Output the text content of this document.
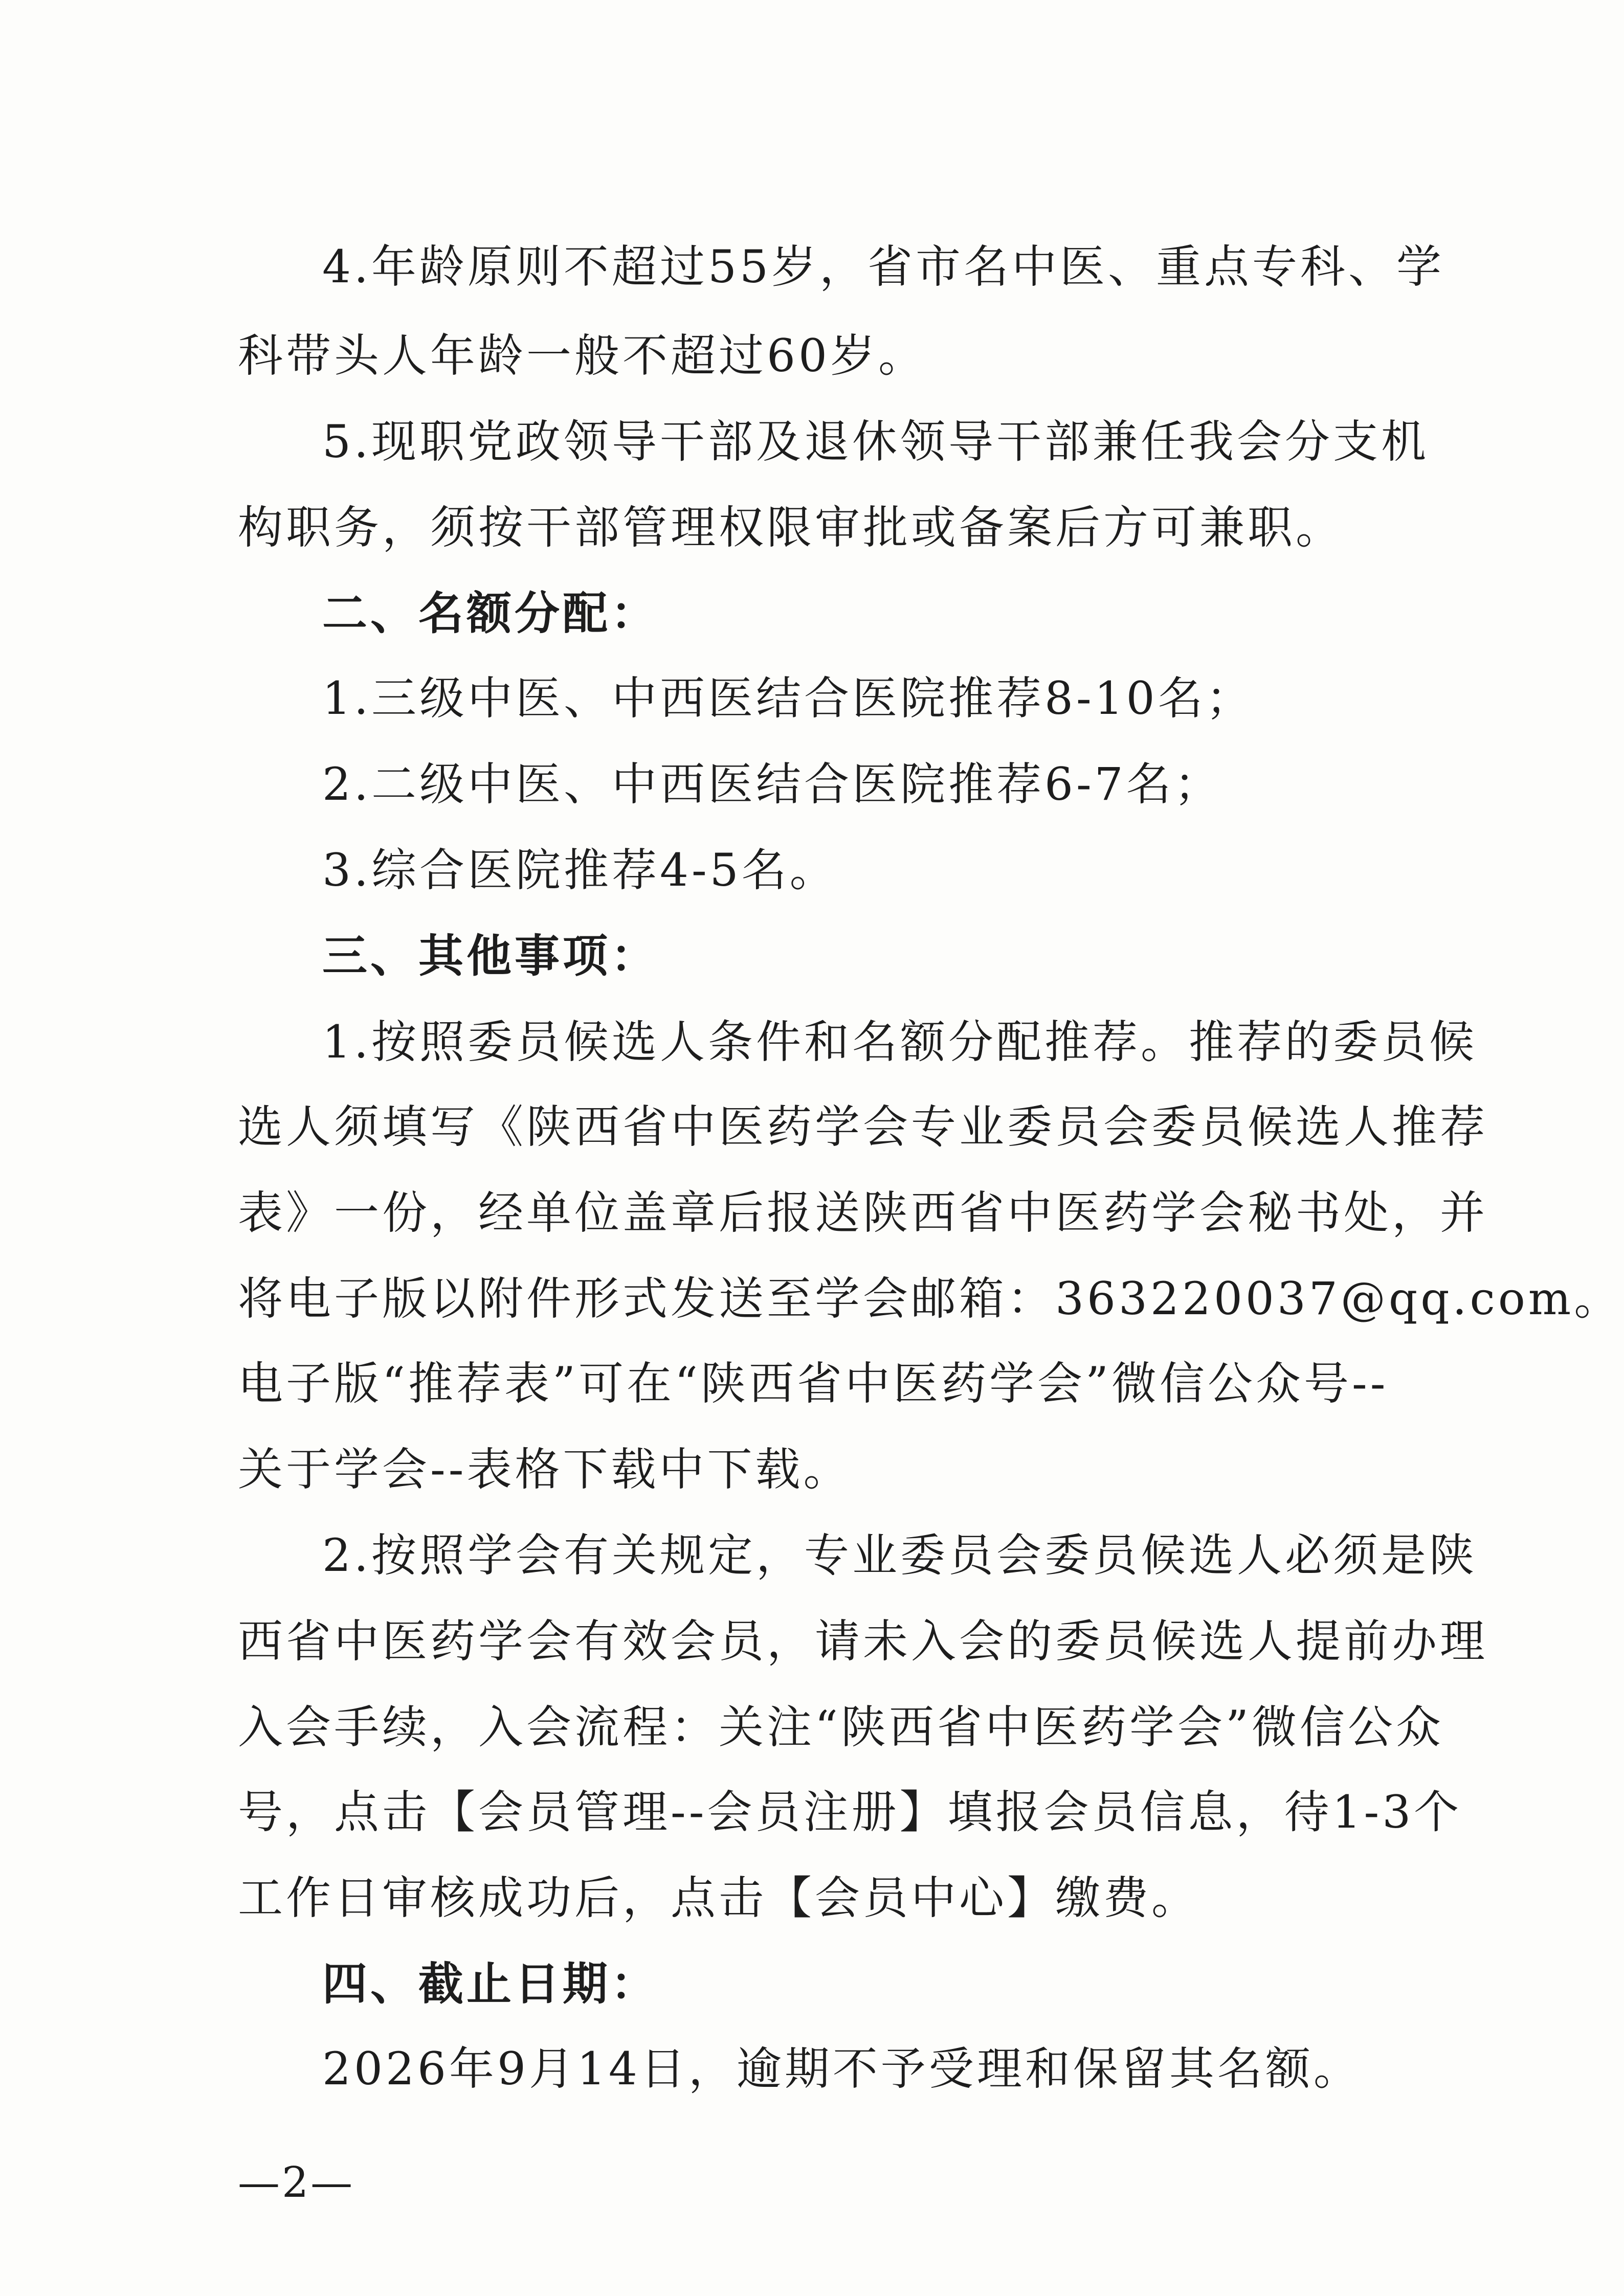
4.年龄原则不超过55岁，省市名中医、重点专科、学
科带头人年龄一般不超过60岁。
5.现职党政领导干部及退休领导干部兼任我会分支机
构职务，须按干部管理权限审批或备案后方可兼职。
二、名额分配：
1.三级中医、中西医结合医院推荐8-10名；
2.二级中医、中西医结合医院推荐6-7名；
3.综合医院推荐4-5名。
三、其他事项：
1.按照委员候选人条件和名额分配推荐。推荐的委员候
选人须填写《陕西省中医药学会专业委员会委员候选人推荐
表》一份，经单位盖章后报送陕西省中医药学会秘书处，并
将电子版以附件形式发送至学会邮箱：363220037@qq.com。
电子版“推荐表”可在“陕西省中医药学会”微信公众号--
关于学会--表格下载中下载。
2.按照学会有关规定，专业委员会委员候选人必须是陕
西省中医药学会有效会员，请未入会的委员候选人提前办理
入会手续，入会流程：关注“陕西省中医药学会”微信公众
号，点击【会员管理--会员注册】填报会员信息，待1-3个
工作日审核成功后，点击【会员中心】缴费。
四、截止日期：
2026年9月14日，逾期不予受理和保留其名额。
—2—
